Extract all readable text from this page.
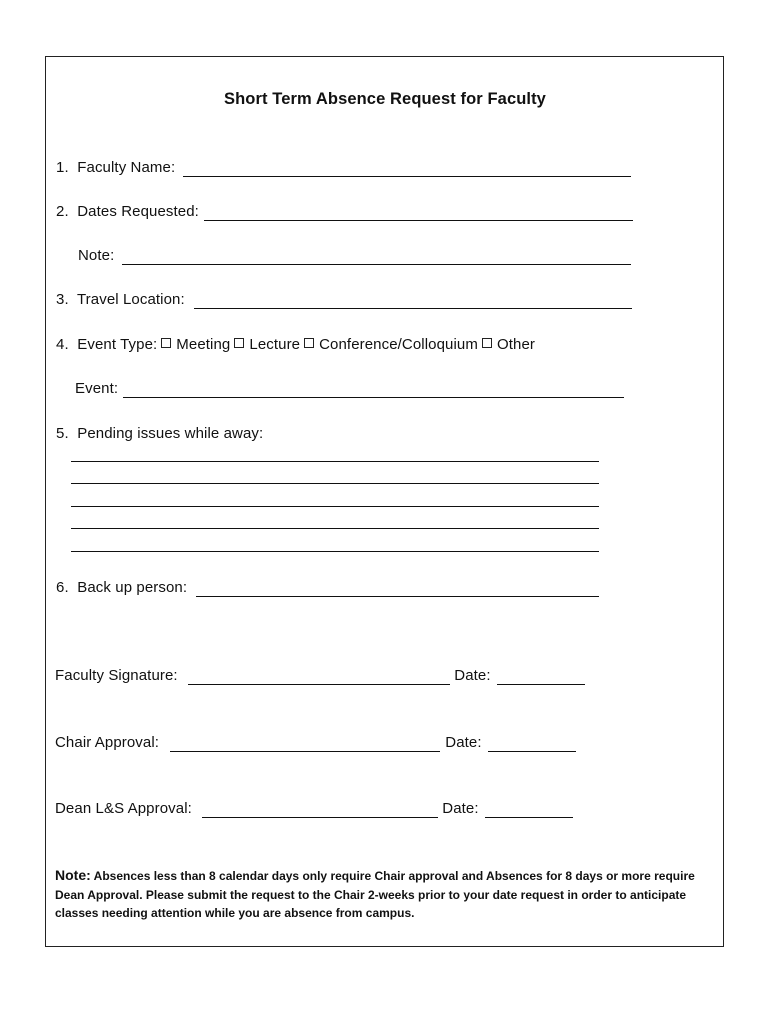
Short Term Absence Request for Faculty
1.  Faculty Name:
2.  Dates Requested:
Note:
3.  Travel Location:
4.  Event Type: Meeting Lecture Conference/Colloquium Other
Event:
5.  Pending issues while away:
6.  Back up person:
Faculty Signature:	Date:
Chair Approval:	Date:
Dean L&S Approval:	Date:
Note: Absences less than 8 calendar days only require Chair approval and Absences for 8 days or more require Dean Approval. Please submit the request to the Chair 2-weeks prior to your date request in order to anticipate classes needing attention while you are absence from campus.
